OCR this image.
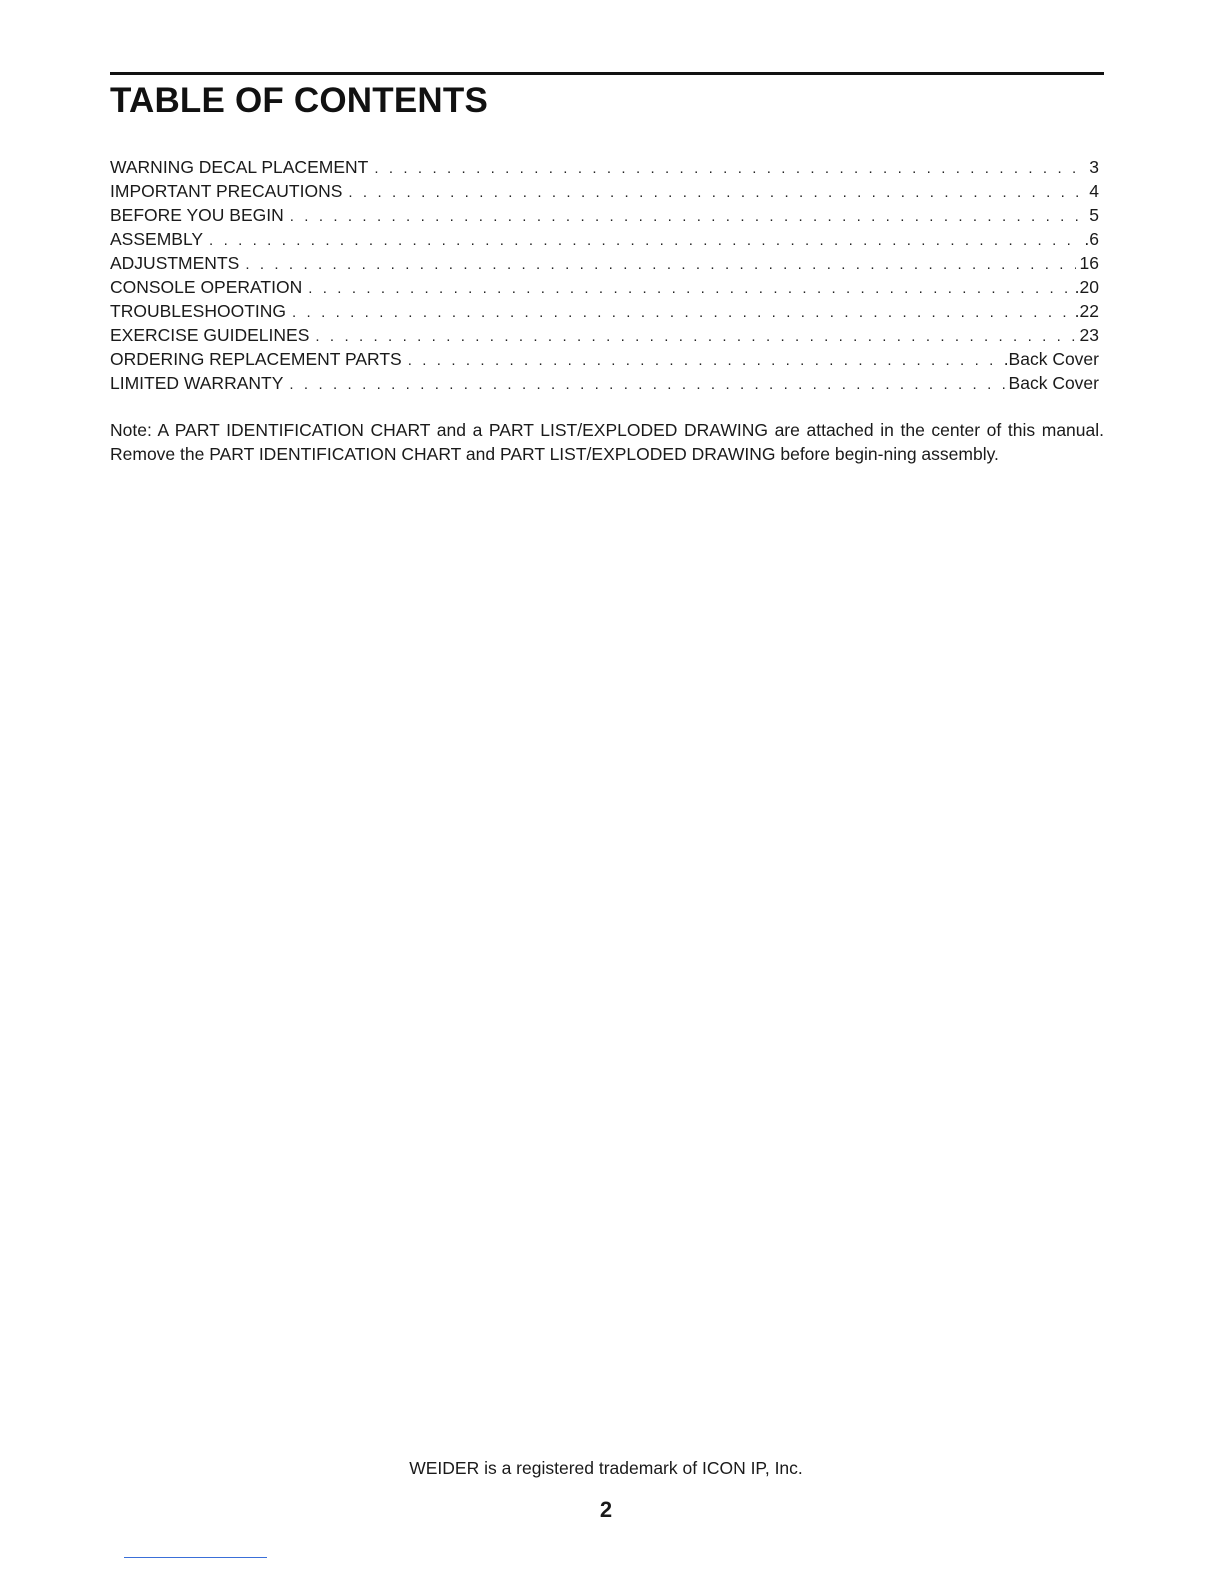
TABLE OF CONTENTS
WARNING DECAL PLACEMENT . . .	3
IMPORTANT PRECAUTIONS . . .	4
BEFORE YOU BEGIN . . .	5
ASSEMBLY . . .	.6
ADJUSTMENTS . . .	16
CONSOLE OPERATION . . .	.20
TROUBLESHOOTING . . .	.22
EXERCISE GUIDELINES . . .	23
ORDERING REPLACEMENT PARTS . . .	.Back Cover
LIMITED WARRANTY . . .	Back Cover

Note: A PART IDENTIFICATION CHART and a PART LIST/EXPLODED DRAWING are attached in the center of this manual. Remove the PART IDENTIFICATION CHART and PART LIST/EXPLODED DRAWING before begin-ning assembly.

WEIDER is a registered trademark of ICON IP, Inc.
2
